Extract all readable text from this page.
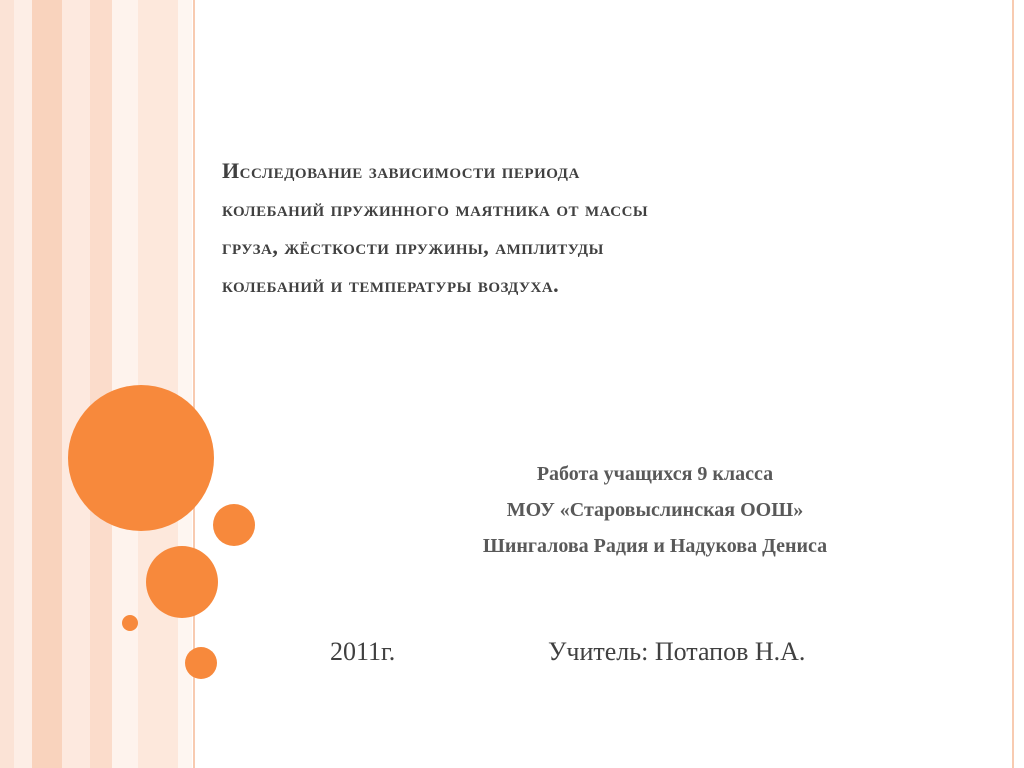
Исследование зависимости периода
колебаний пружинного маятника от массы
груза, жёсткости пружины, амплитуды
колебаний и температуры воздуха.
Работа учащихся 9 класса
МОУ «Старовыслинская ООШ»
Шингалова Радия и Надукова Дениса
2011г.	Учитель: Потапов Н.А.
